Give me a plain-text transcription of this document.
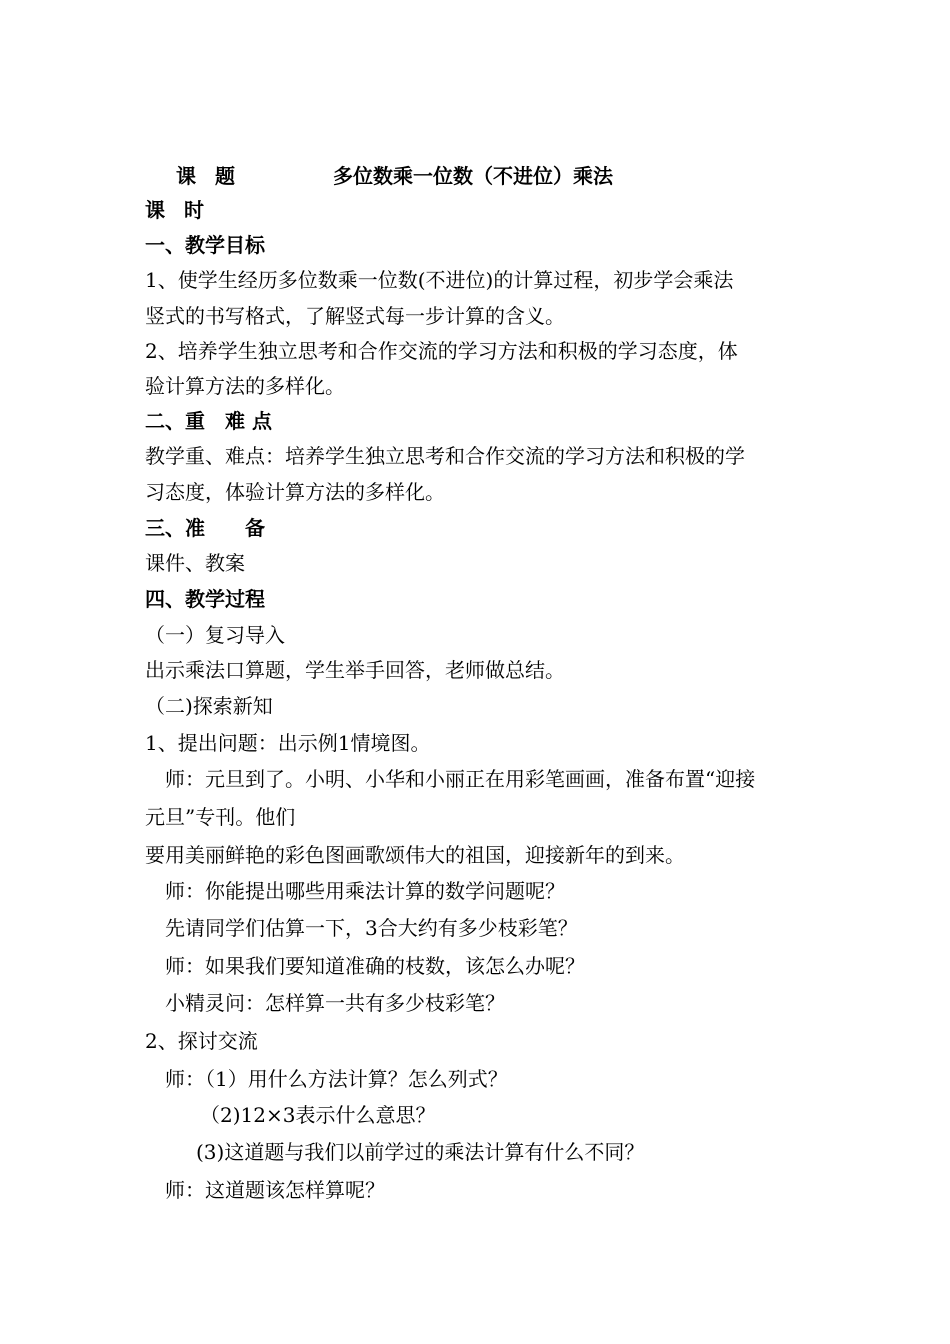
课 题	多位数乘一位数（不进位）乘法
课 时
一、教学目标
1、使学生经历多位数乘一位数(不进位)的计算过程，初步学会乘法
竖式的书写格式，了解竖式每一步计算的含义。
2、培养学生独立思考和合作交流的学习方法和积极的学习态度，体
验计算方法的多样化。
二、重　难 点
教学重、难点：培养学生独立思考和合作交流的学习方法和积极的学
习态度，体验计算方法的多样化。
三、准　　备
课件、教案
四、教学过程
（一）复习导入
出示乘法口算题，学生举手回答，老师做总结。
（二)探索新知
1、提出问题：出示例1情境图。
　师：元旦到了。小明、小华和小丽正在用彩笔画画，准备布置“迎接
元旦”专刊。他们
要用美丽鲜艳的彩色图画歌颂伟大的祖国，迎接新年的到来。
　师：你能提出哪些用乘法计算的数学问题呢？
　先请同学们估算一下，3合大约有多少枝彩笔？
　师：如果我们要知道准确的枝数，该怎么办呢？
　小精灵问：怎样算一共有多少枝彩笔？
2、探讨交流
　师：（1）用什么方法计算？怎么列式？
（2)12×3表示什么意思？
(3)这道题与我们以前学过的乘法计算有什么不同？
　师：这道题该怎样算呢？
